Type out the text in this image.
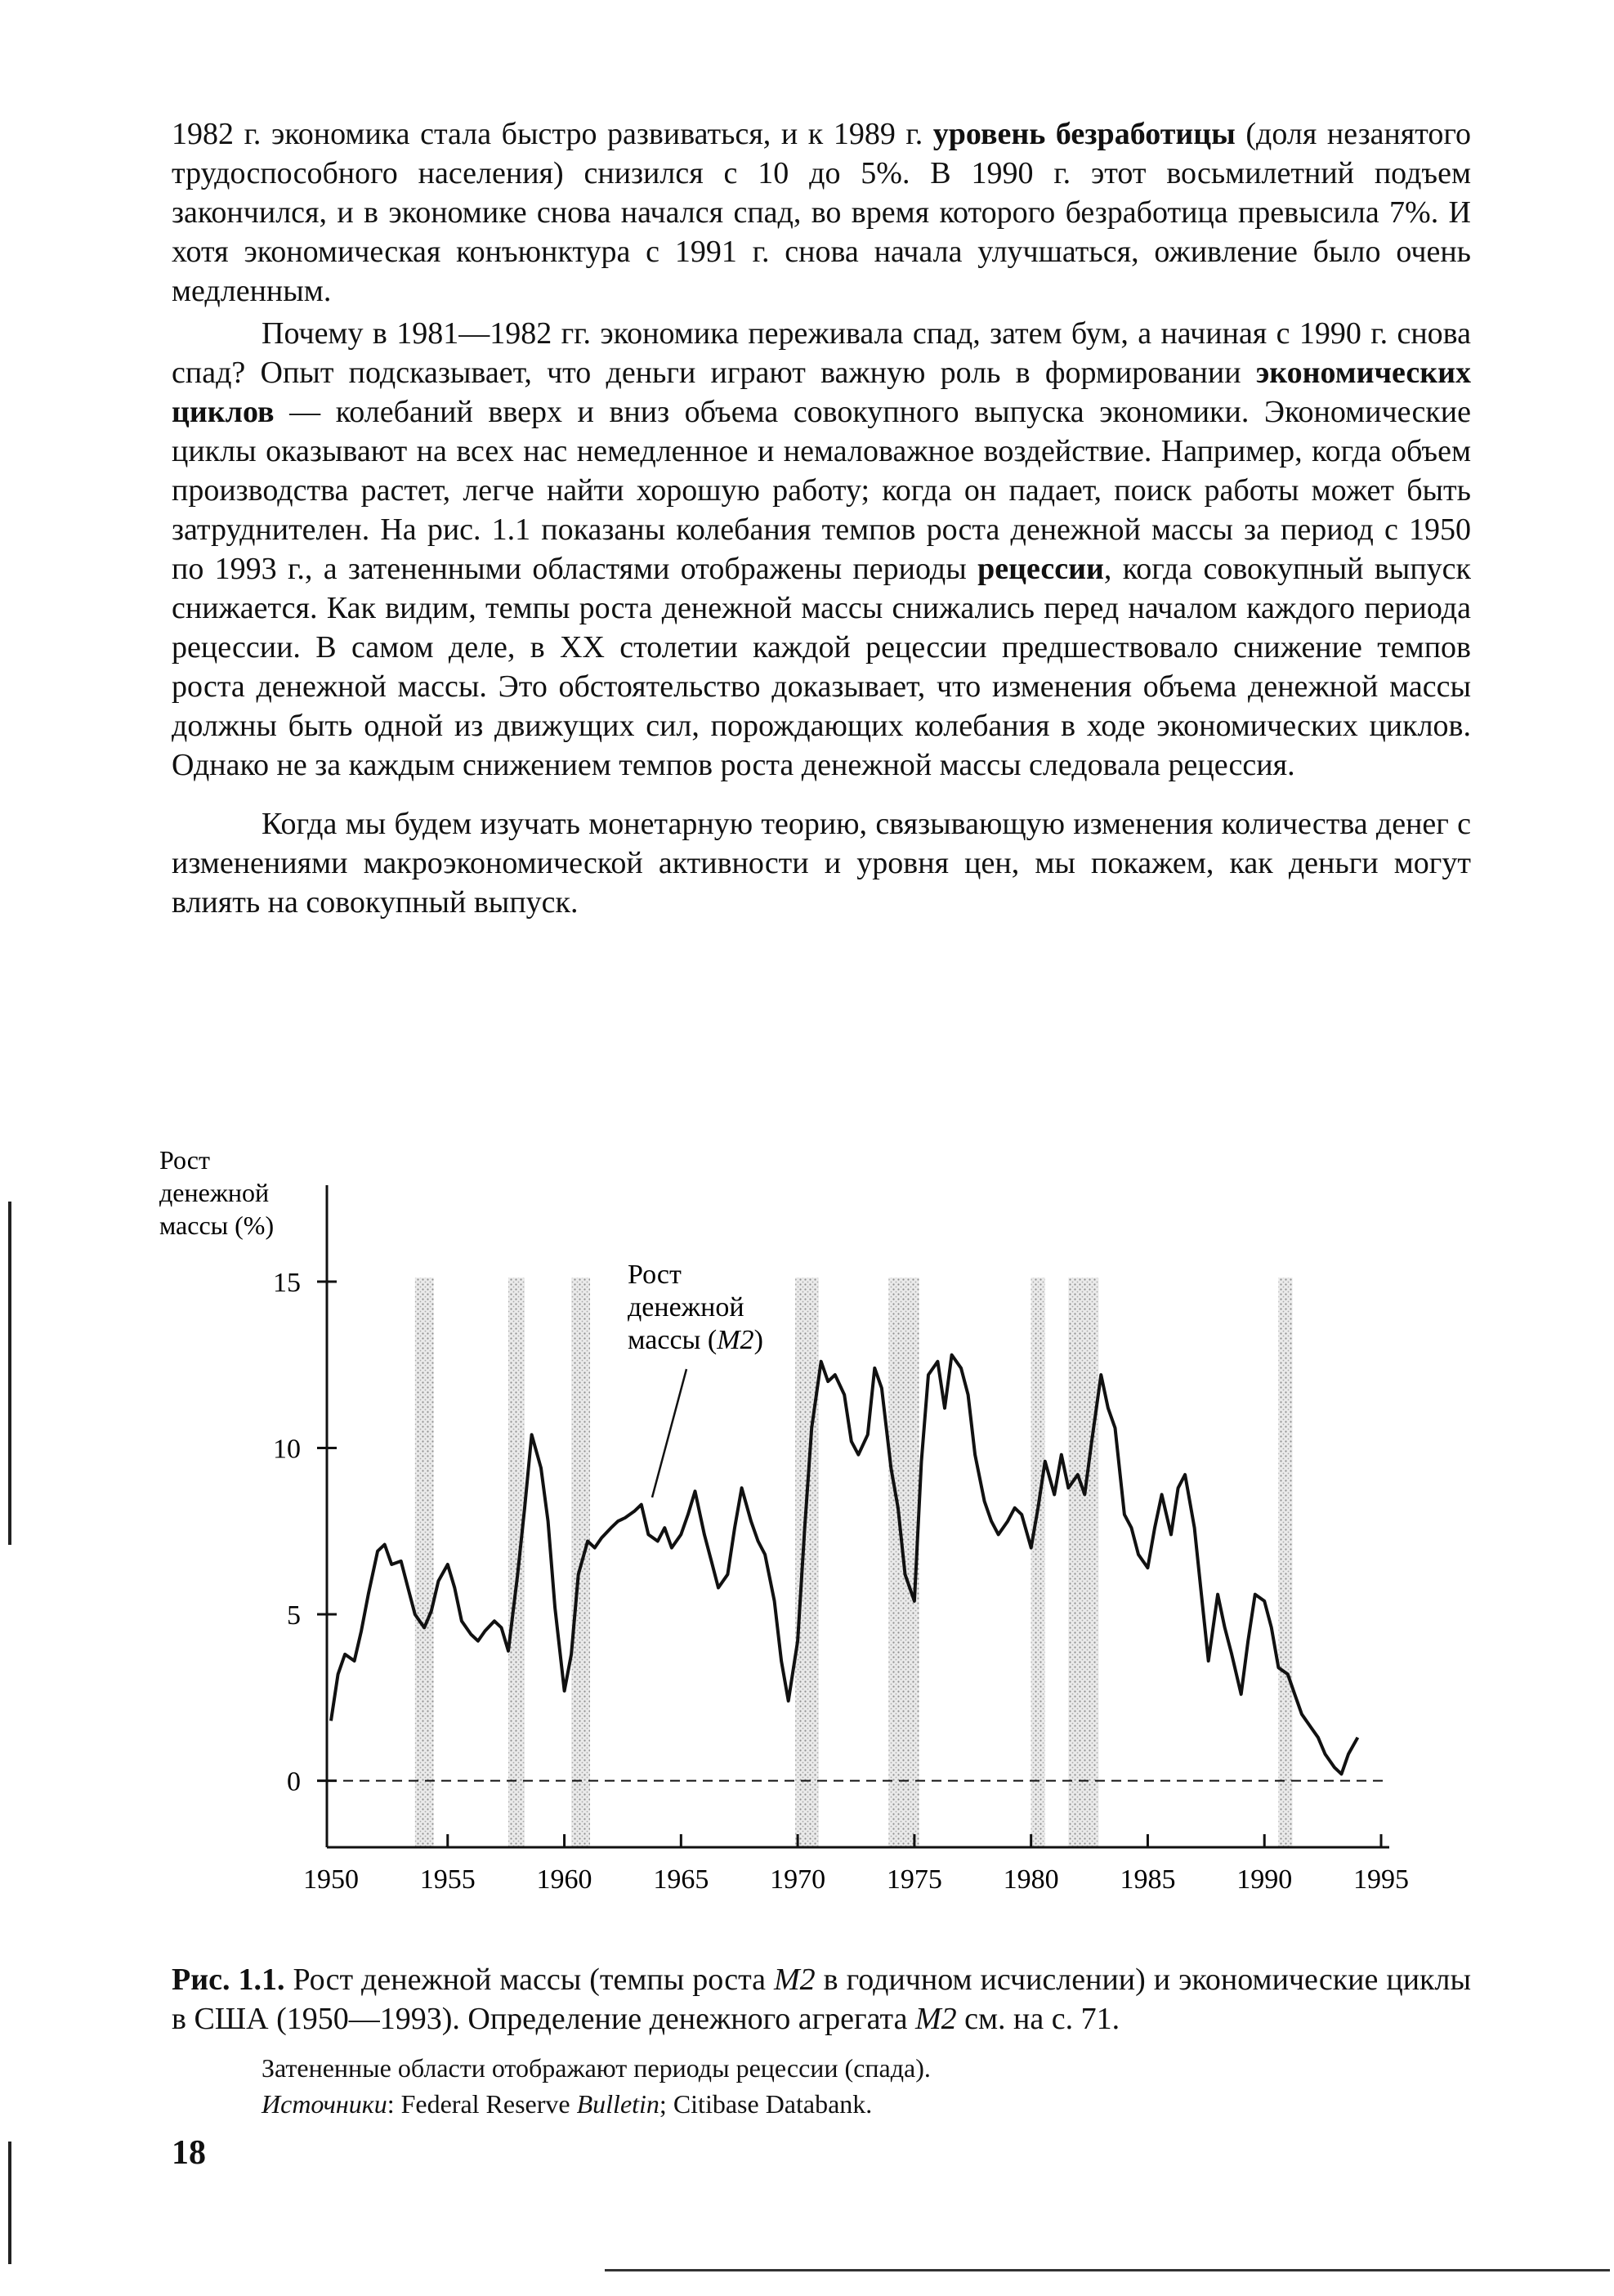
1982 г. экономика стала быстро развиваться, и к 1989 г. уровень безработицы (доля незанятого трудоспособного населения) снизился с 10 до 5%. В 1990 г. этот восьмилетний подъем закончился, и в экономике снова начался спад, во время которого безработица превысила 7%. И хотя экономическая конъюнктура с 1991 г. снова начала улучшаться, оживление было очень медленным.

Почему в 1981—1982 гг. экономика переживала спад, затем бум, а начиная с 1990 г. снова спад? Опыт подсказывает, что деньги играют важную роль в формировании экономических циклов — колебаний вверх и вниз объема совокупного выпуска экономики. Экономические циклы оказывают на всех нас немедленное и немаловажное воздействие. Например, когда объем производства растет, легче найти хорошую работу; когда он падает, поиск работы может быть затруднителен. На рис. 1.1 показаны колебания темпов роста денежной массы за период с 1950 по 1993 г., а затененными областями отображены периоды рецессии, когда совокупный выпуск снижается. Как видим, темпы роста денежной массы снижались перед началом каждого периода рецессии. В самом деле, в XX столетии каждой рецессии предшествовало снижение темпов роста денежной массы. Это обстоятельство доказывает, что изменения объема денежной массы должны быть одной из движущих сил, порождающих колебания в ходе экономических циклов. Однако не за каждым снижением темпов роста денежной массы следовала рецессия.

Когда мы будем изучать монетарную теорию, связывающую изменения количества денег с изменениями макроэкономической активности и уровня цен, мы покажем, как деньги могут влиять на совокупный выпуск.

0
5
10
15
1950 1955 1960 1965 1970 1975 1980 1985 1990 1995
Рост
денежной
массы (%)
Рост
денежной
массы (M2)
Рис. 1.1. Рост денежной массы (темпы роста M2 в годичном исчислении) и экономические циклы в США (1950—1993). Определение денежного агрегата M2 см. на с. 71.
Затененные области отображают периоды рецессии (спада).
Источники: Federal Reserve Bulletin; Citibase Databank.
18
